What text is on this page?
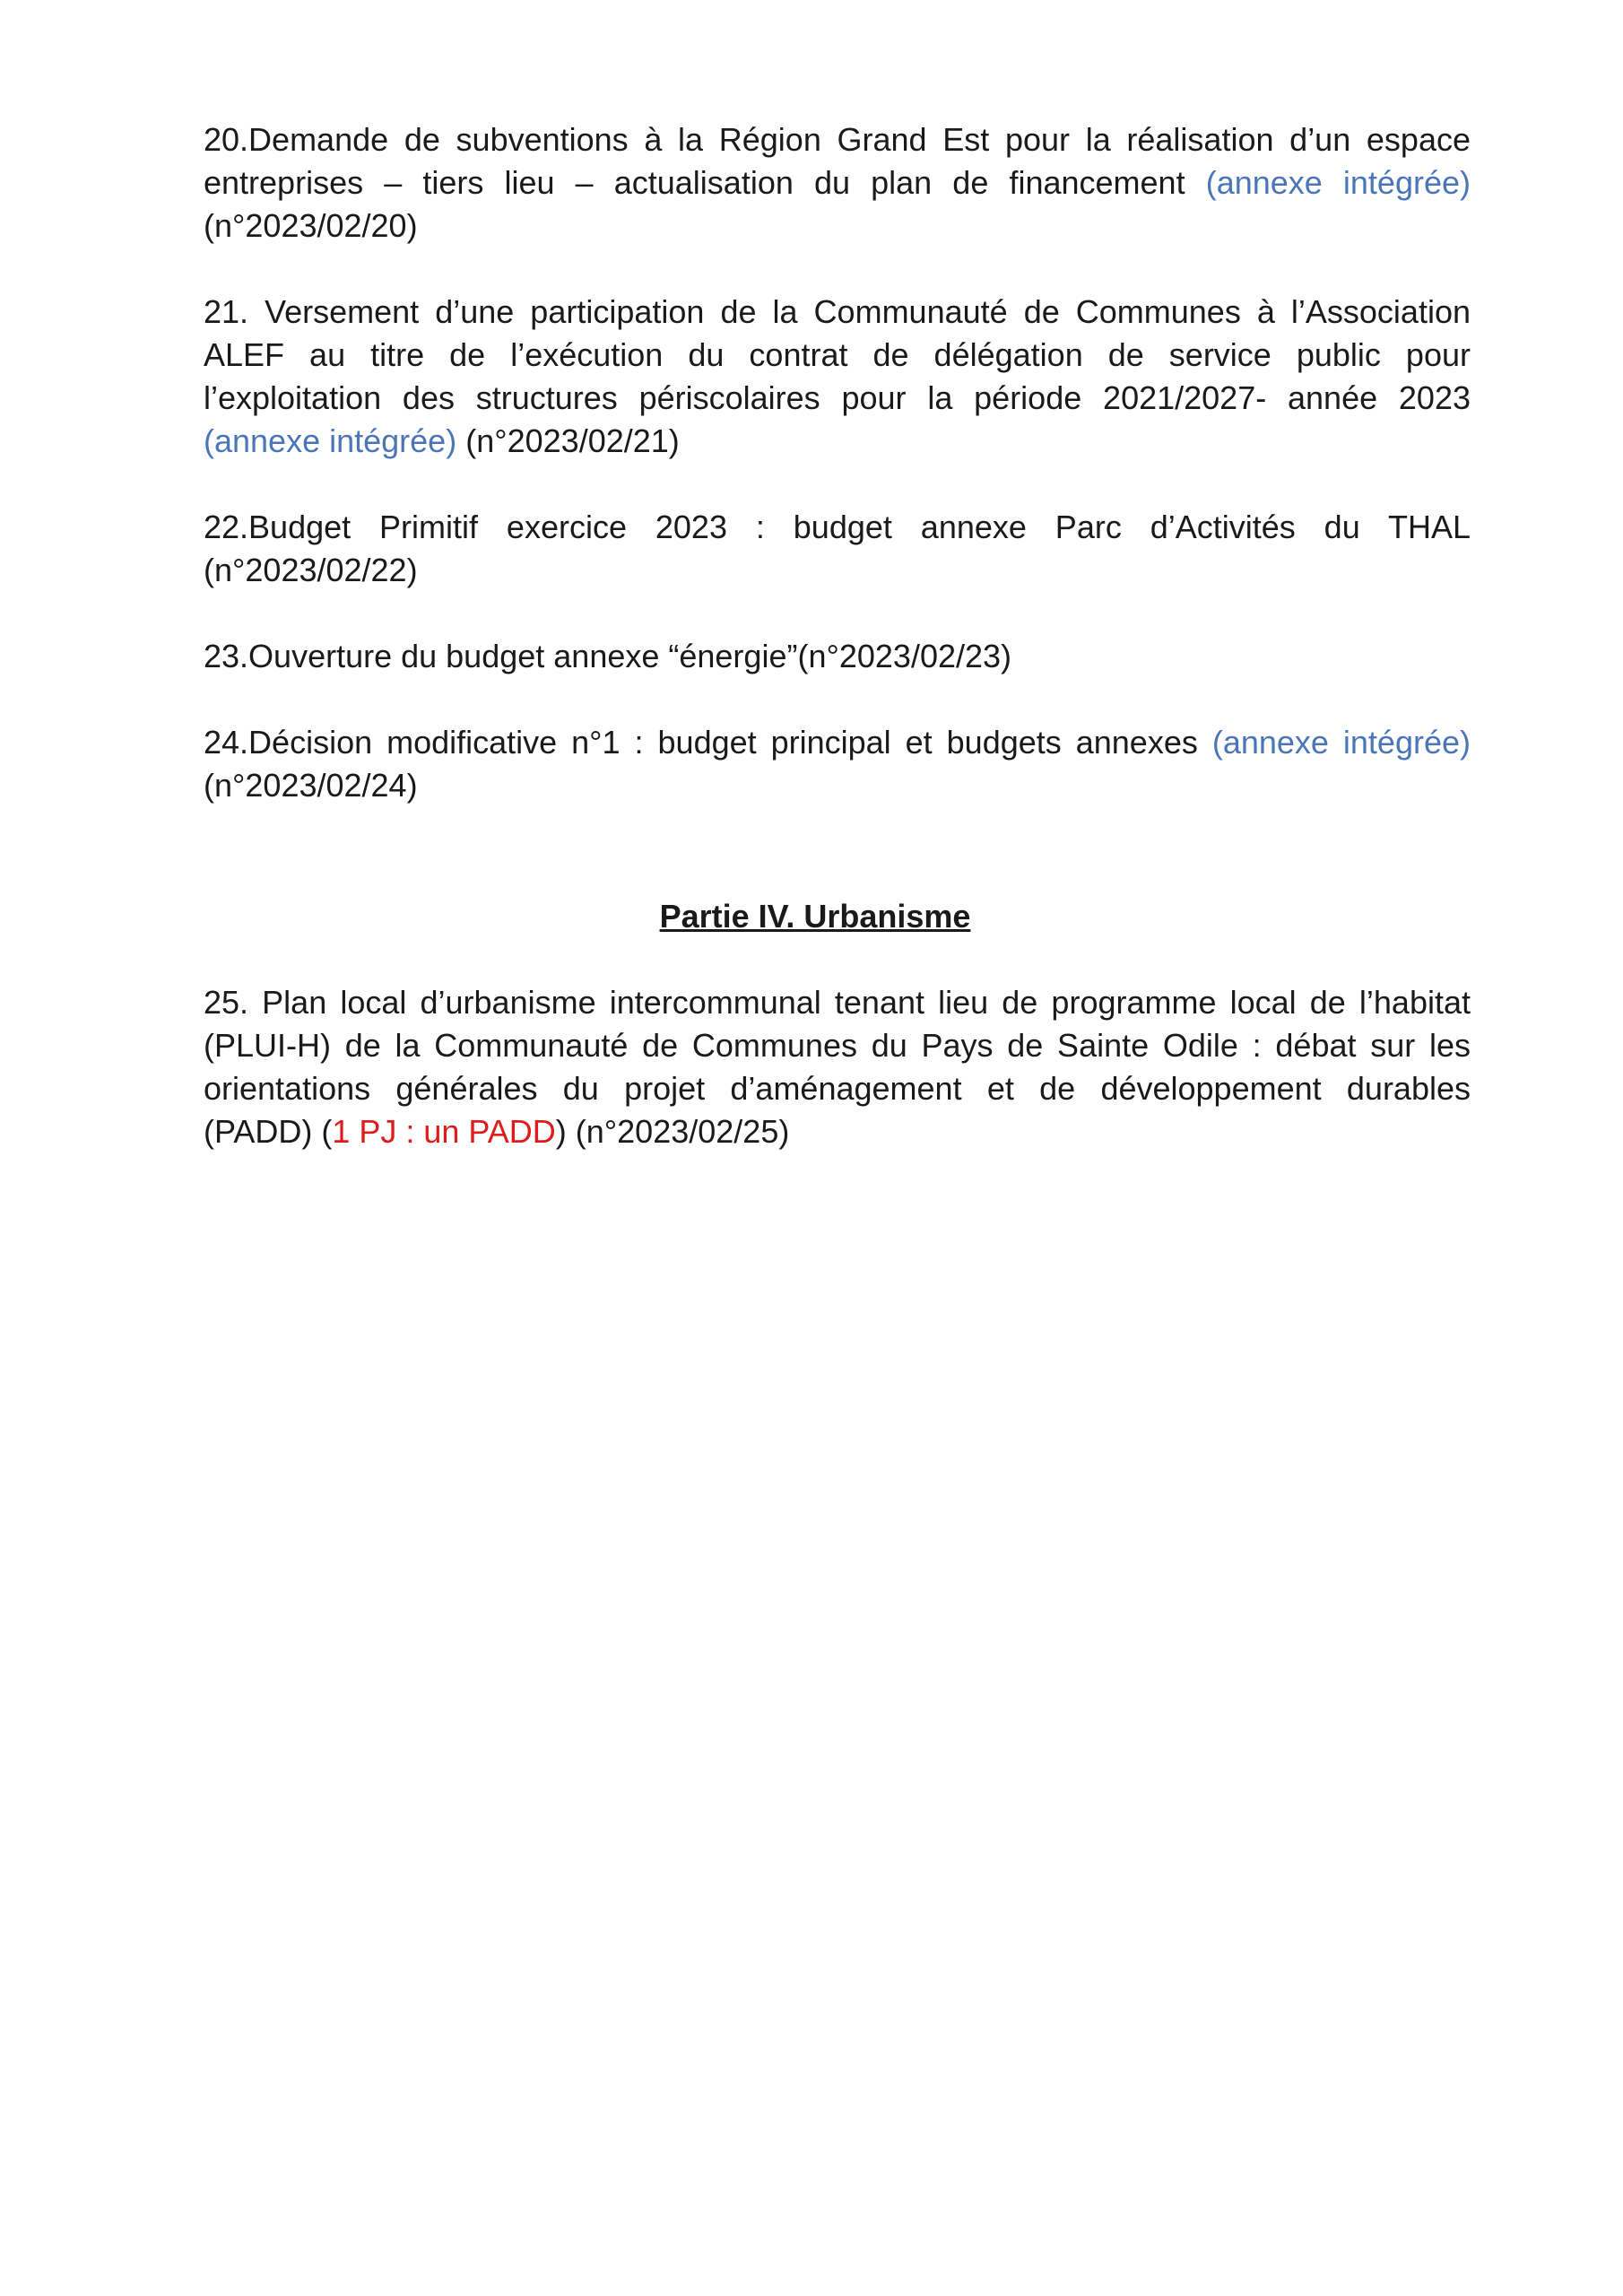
20.Demande de subventions à la Région Grand Est pour la réalisation d’un espace
entreprises – tiers lieu – actualisation du plan de financement (annexe intégrée)
(n°2023/02/20)
21. Versement d’une participation de la Communauté de Communes à l’Association
ALEF au titre de l’exécution du contrat de délégation de service public pour
l’exploitation des structures périscolaires pour la période 2021/2027- année 2023
(annexe intégrée) (n°2023/02/21)
22.Budget Primitif exercice 2023 : budget annexe Parc d’Activités du THAL
(n°2023/02/22)
23.Ouverture du budget annexe “énergie”(n°2023/02/23)
24.Décision modificative n°1 : budget principal et budgets annexes (annexe intégrée)
(n°2023/02/24)
Partie IV. Urbanisme
25. Plan local d’urbanisme intercommunal tenant lieu de programme local de l’habitat
(PLUI-H) de la Communauté de Communes du Pays de Sainte Odile : débat sur les
orientations générales du projet d’aménagement et de développement durables
(PADD) (1 PJ : un PADD) (n°2023/02/25)
